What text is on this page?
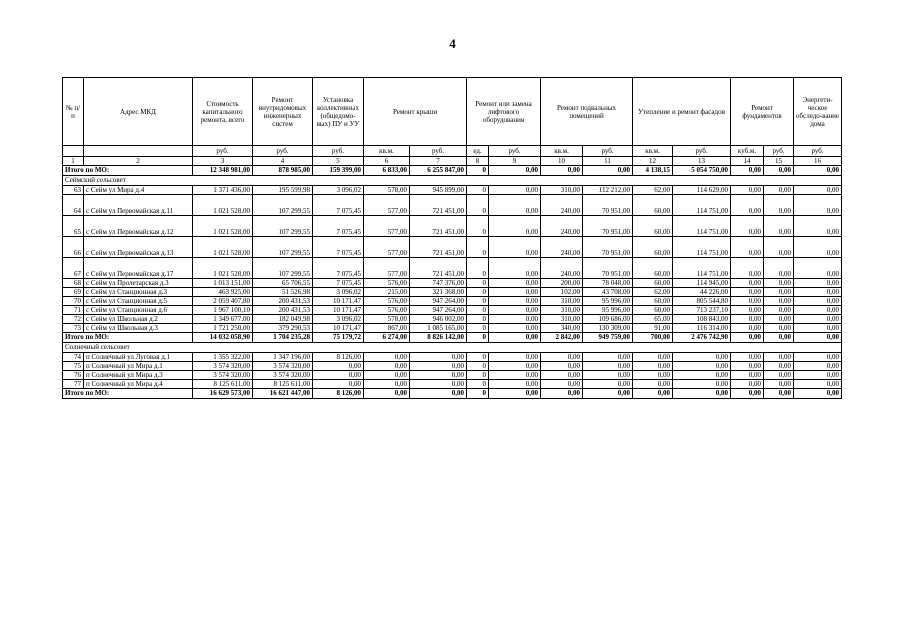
4
№ п/п	Адрес МКД	Стоимость капитального ремонта, всего	Ремонт внутридомовых инженерных систем	Установка коллективных (общедомо-вых) ПУ и УУ	Ремонт крыши		Ремонт или замена лифтового оборудования		Ремонт подвальных помещений		Утепление и ремонт фасадов		Ремонт фундаментов		Энергети-ческое обследо-вание дома
		руб.	руб.	руб.	кв.м.	руб.	ед.	руб.	кв.м.	руб.	кв.м.	руб.	куб.м.	руб.	руб.
1	2	3	4	5	6	7	8	9	10	11	12	13	14	15	16
Итого по МО:		12 348 981,00	878 985,00	159 399,00	6 833,00	6 255 847,00	0	0,00	0,00	0,00	4 138,15	5 054 750,00	0,00	0,00	0,00
Сеймский сельсовет															
63	с Сейм ул Мира д.4	1 371 436,00	195 599,98	3 096,02	578,00	945 899,00	0	0,00	310,00	112 212,00	62,00	114 629,00	0,00	0,00	0,00
64	с Сейм ул Первомайская д.11	1 021 528,00	107 299,55	7 075,45	577,00	721 451,00	0	0,00	240,00	70 951,00	60,00	114 751,00	0,00	0,00	0,00
65	с Сейм ул Первомайская д.12	1 021 528,00	107 299,55	7 075,45	577,00	721 451,00	0	0,00	240,00	70 951,00	60,00	114 751,00	0,00	0,00	0,00
66	с Сейм ул Первомайская д.13	1 021 528,00	107 299,55	7 075,45	577,00	721 451,00	0	0,00	240,00	70 951,00	60,00	114 751,00	0,00	0,00	0,00
67	с Сейм ул Первомайская д.17	1 021 528,00	107 299,55	7 075,45	577,00	721 451,00	0	0,00	240,00	70 951,00	60,00	114 751,00	0,00	0,00	0,00
68	с Сейм ул Пролетарская д.3	1 013 151,00	65 706,55	7 075,45	576,00	747 376,00	0	0,00	200,00	78 048,00	60,00	114 945,00	0,00	0,00	0,00
69	с Сейм ул Станционная д.3	463 925,00	51 526,98	3 096,02	215,00	321 368,00	0	0,00	102,00	43 708,00	62,00	44 226,00	0,00	0,00	0,00
70	с Сейм ул Станционная д.5	2 059 407,80	200 431,53	10 171,47	576,00	947 264,00	0	0,00	310,00	95 996,00	60,00	805 544,80	0,00	0,00	0,00
71	с Сейм ул Станционная д.6	1 967 100,10	200 431,53	10 171,47	576,00	947 264,00	0	0,00	310,00	95 996,00	60,00	713 237,10	0,00	0,00	0,00
72	с Сейм ул Школьная д.2	1 349 677,00	182 049,98	3 096,02	578,00	946 002,00	0	0,00	310,00	109 686,00	65,00	108 843,00	0,00	0,00	0,00
73	с Сейм ул Школьная д.3	1 721 250,00	379 290,53	10 171,47	867,00	1 085 165,00	0	0,00	340,00	130 309,00	91,00	116 314,00	0,00	0,00	0,00
Итого по МО:		14 032 058,90	1 704 235,28	75 179,72	6 274,00	8 826 142,00	0	0,00	2 842,00	949 759,00	700,00	2 476 742,90	0,00	0,00	0,00
Солнечный сельсовет															
74	п Солнечный ул Луговая д.1	1 355 322,00	1 347 196,00	8 126,00	0,00	0,00	0	0,00	0,00	0,00	0,00	0,00	0,00	0,00	0,00
75	п Солнечный ул Мира д.1	3 574 320,00	3 574 320,00	0,00	0,00	0,00	0	0,00	0,00	0,00	0,00	0,00	0,00	0,00	0,00
76	п Солнечный ул Мира д.3	3 574 320,00	3 574 320,00	0,00	0,00	0,00	0	0,00	0,00	0,00	0,00	0,00	0,00	0,00	0,00
77	п Солнечный ул Мира д.4	8 125 611,00	8 125 611,00	0,00	0,00	0,00	0	0,00	0,00	0,00	0,00	0,00	0,00	0,00	0,00
Итого по МО:		16 629 573,00	16 621 447,00	8 126,00	0,00	0,00	0	0,00	0,00	0,00	0,00	0,00	0,00	0,00	0,00
